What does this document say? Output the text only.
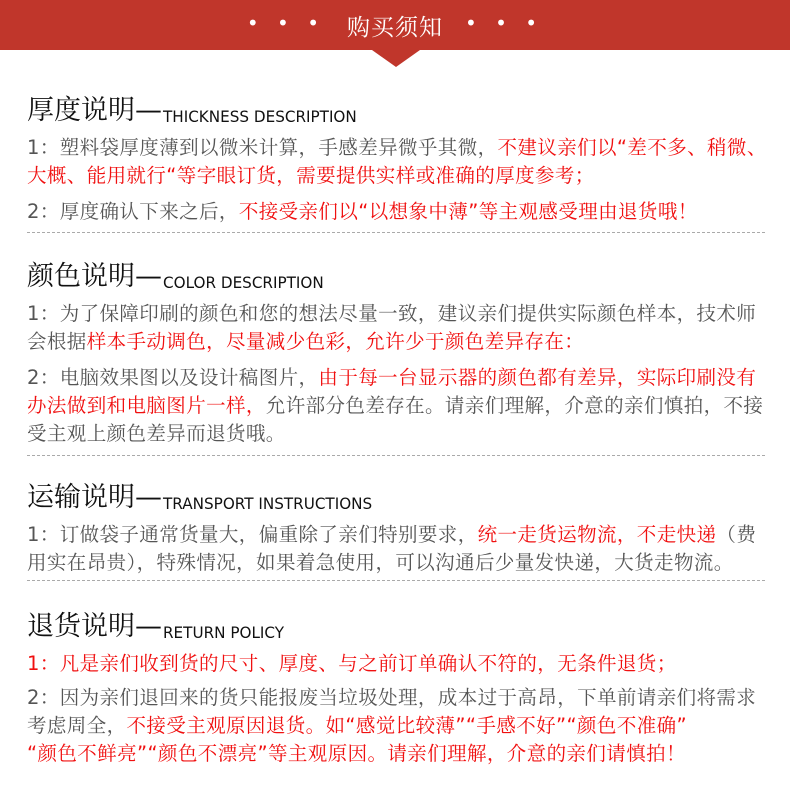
• • • 购买须知 • • •
厚度说明— THICKNESS DESCRIPTION
1：塑料袋厚度薄到以微米计算，手感差异微乎其微，不建议亲们以“差不多、稍微、
大概、能用就行“等字眼订货，需要提供实样或准确的厚度参考；
2：厚度确认下来之后，不接受亲们以“以想象中薄”等主观感受理由退货哦！
颜色说明— COLOR DESCRIPTION
1：为了保障印刷的颜色和您的想法尽量一致，建议亲们提供实际颜色样本，技术师
会根据样本手动调色，尽量减少色彩，允许少于颜色差异存在：
2：电脑效果图以及设计稿图片，由于每一台显示器的颜色都有差异，实际印刷没有
办法做到和电脑图片一样，允许部分色差存在。请亲们理解，介意的亲们慎拍，不接
受主观上颜色差异而退货哦。
运输说明— TRANSPORT INSTRUCTIONS
1：订做袋子通常货量大，偏重除了亲们特别要求，统一走货运物流，不走快递（费
用实在昂贵），特殊情况，如果着急使用，可以沟通后少量发快递，大货走物流。
退货说明— RETURN POLICY
1：凡是亲们收到货的尺寸、厚度、与之前订单确认不符的，无条件退货；
2：因为亲们退回来的货只能报废当垃圾处理，成本过于高昂，下单前请亲们将需求
考虑周全，不接受主观原因退货。如“感觉比较薄”“手感不好”“颜色不准确”
“颜色不鲜亮”“颜色不漂亮”等主观原因。请亲们理解，介意的亲们请慎拍！
